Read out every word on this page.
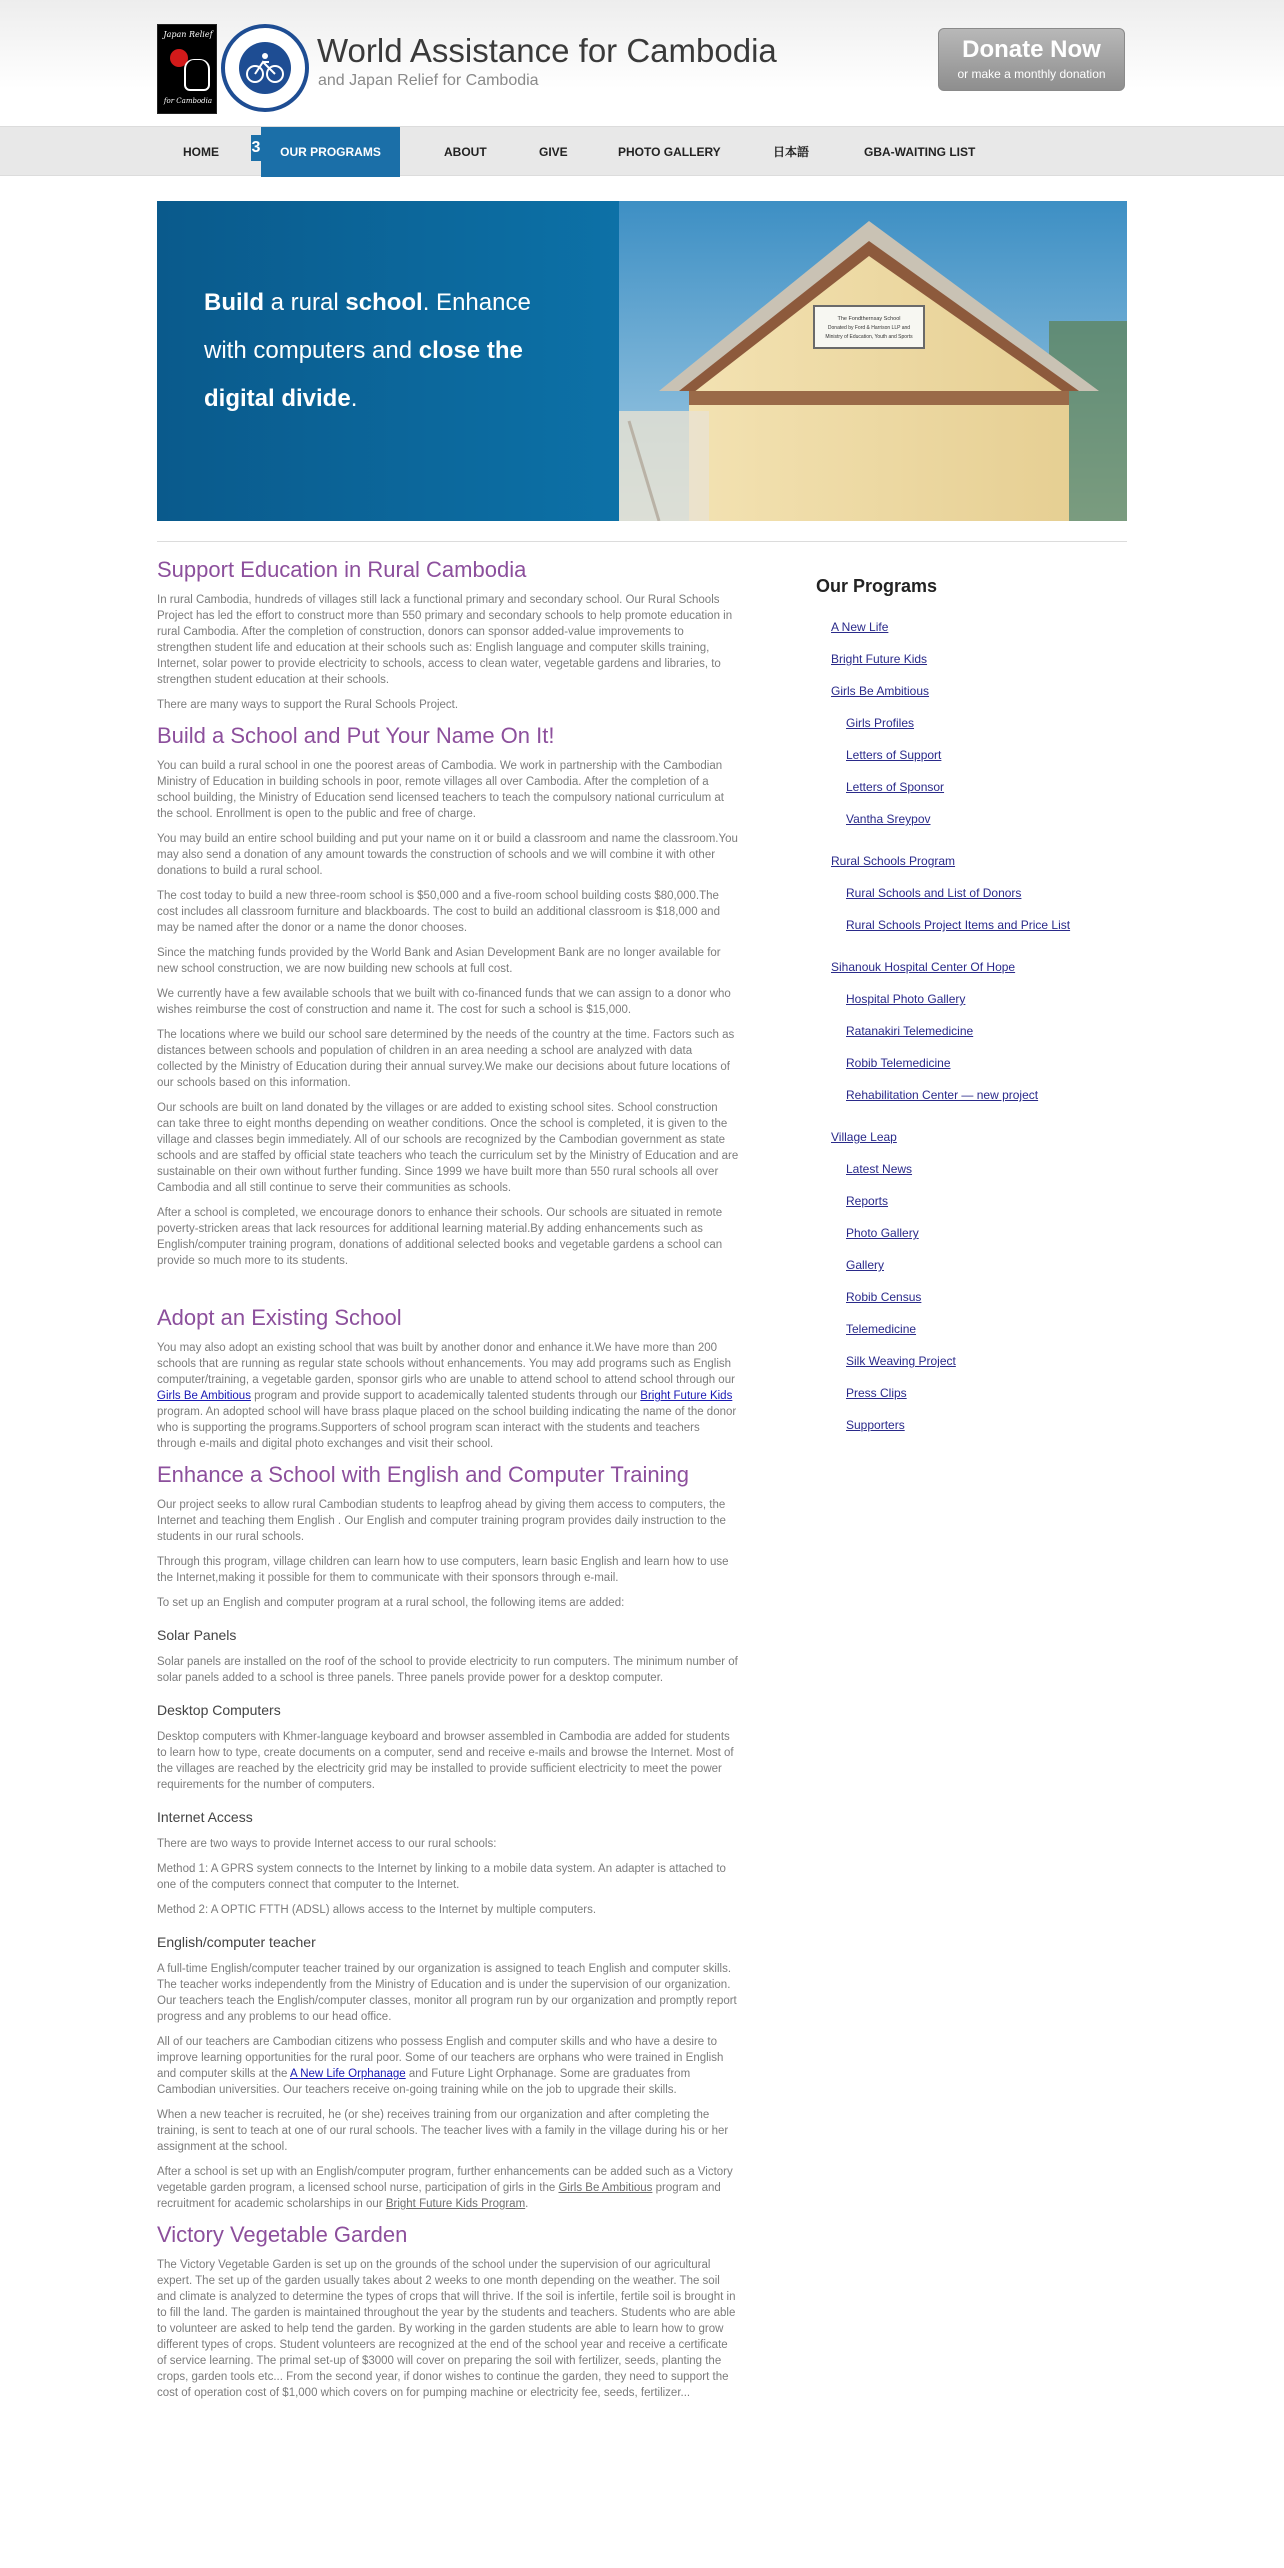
Japan Relief
for Cambodia
World Assistance for Cambodia
and Japan Relief for Cambodia
Donate Now
or make a monthly donation
HOME 3	OUR PROGRAMS	ABOUT	GIVE	PHOTO GALLERY	日本語	GBA-WAITING LIST
Build a rural school. Enhance
with computers and close the
digital divide.
The Fondthernsay School
Donated by Ford & Harrison LLP and
Ministry of Education, Youth and Sports
Support Education in Rural Cambodia

In rural Cambodia, hundreds of villages still lack a functional primary and secondary school. Our Rural Schools Project has led the effort to construct more than 550 primary and secondary schools to help promote education in rural Cambodia. After the completion of construction, donors can sponsor added-value improvements to strengthen student life and education at their schools such as: English language and computer skills training, Internet, solar power to provide electricity to schools, access to clean water, vegetable gardens and libraries, to strengthen student education at their schools.

There are many ways to support the Rural Schools Project.

Build a School and Put Your Name On It!

You can build a rural school in one the poorest areas of Cambodia. We work in partnership with the Cambodian Ministry of Education in building schools in poor, remote villages all over Cambodia. After the completion of a school building, the Ministry of Education send licensed teachers to teach the compulsory national curriculum at the school. Enrollment is open to the public and free of charge.

You may build an entire school building and put your name on it or build a classroom and name the classroom.You may also send a donation of any amount towards the construction of schools and we will combine it with other donations to build a rural school.

The cost today to build a new three-room school is $50,000 and a five-room school building costs $80,000.The cost includes all classroom furniture and blackboards. The cost to build an additional classroom is $18,000 and may be named after the donor or a name the donor chooses.

Since the matching funds provided by the World Bank and Asian Development Bank are no longer available for new school construction, we are now building new schools at full cost.

We currently have a few available schools that we built with co-financed funds that we can assign to a donor who wishes reimburse the cost of construction and name it. The cost for such a school is $15,000.

The locations where we build our school sare determined by the needs of the country at the time. Factors such as distances between schools and population of children in an area needing a school are analyzed with data collected by the Ministry of Education during their annual survey.We make our decisions about future locations of our schools based on this information.

Our schools are built on land donated by the villages or are added to existing school sites. School construction can take three to eight months depending on weather conditions. Once the school is completed, it is given to the village and classes begin immediately. All of our schools are recognized by the Cambodian government as state schools and are staffed by official state teachers who teach the curriculum set by the Ministry of Education and are sustainable on their own without further funding. Since 1999 we have built more than 550 rural schools all over Cambodia and all still continue to serve their communities as schools.

After a school is completed, we encourage donors to enhance their schools. Our schools are situated in remote poverty-stricken areas that lack resources for additional learning material.By adding enhancements such as English/computer training program, donations of additional selected books and vegetable gardens a school can provide so much more to its students.

Adopt an Existing School

You may also adopt an existing school that was built by another donor and enhance it.We have more than 200 schools that are running as regular state schools without enhancements. You may add programs such as English computer/training, a vegetable garden, sponsor girls who are unable to attend school to attend school through our Girls Be Ambitious program and provide support to academically talented students through our Bright Future Kids program. An adopted school will have brass plaque placed on the school building indicating the name of the donor who is supporting the programs.Supporters of school program scan interact with the students and teachers through e-mails and digital photo exchanges and visit their school.

Enhance a School with English and Computer Training

Our project seeks to allow rural Cambodian students to leapfrog ahead by giving them access to computers, the Internet and teaching them English . Our English and computer training program provides daily instruction to the students in our rural schools.

Through this program, village children can learn how to use computers, learn basic English and learn how to use the Internet,making it possible for them to communicate with their sponsors through e-mail.

To set up an English and computer program at a rural school, the following items are added:

Solar Panels

Solar panels are installed on the roof of the school to provide electricity to run computers. The minimum number of solar panels added to a school is three panels. Three panels provide power for a desktop computer.

Desktop Computers

Desktop computers with Khmer-language keyboard and browser assembled in Cambodia are added for students to learn how to type, create documents on a computer, send and receive e-mails and browse the Internet. Most of the villages are reached by the electricity grid may be installed to provide sufficient electricity to meet the power requirements for the number of computers.

Internet Access

There are two ways to provide Internet access to our rural schools:

Method 1: A GPRS system connects to the Internet by linking to a mobile data system. An adapter is attached to one of the computers connect that computer to the Internet.

Method 2: A OPTIC FTTH (ADSL) allows access to the Internet by multiple computers.

English/computer teacher

A full-time English/computer teacher trained by our organization is assigned to teach English and computer skills. The teacher works independently from the Ministry of Education and is under the supervision of our organization. Our teachers teach the English/computer classes, monitor all program run by our organization and promptly report progress and any problems to our head office.

All of our teachers are Cambodian citizens who possess English and computer skills and who have a desire to improve learning opportunities for the rural poor. Some of our teachers are orphans who were trained in English and computer skills at the A New Life Orphanage and Future Light Orphanage. Some are graduates from Cambodian universities. Our teachers receive on-going training while on the job to upgrade their skills.

When a new teacher is recruited, he (or she) receives training from our organization and after completing the training, is sent to teach at one of our rural schools. The teacher lives with a family in the village during his or her assignment at the school.

After a school is set up with an English/computer program, further enhancements can be added such as a Victory vegetable garden program, a licensed school nurse, participation of girls in the Girls Be Ambitious program and recruitment for academic scholarships in our Bright Future Kids Program.

Victory Vegetable Garden

The Victory Vegetable Garden is set up on the grounds of the school under the supervision of our agricultural expert. The set up of the garden usually takes about 2 weeks to one month depending on the weather. The soil and climate is analyzed to determine the types of crops that will thrive. If the soil is infertile, fertile soil is brought in to fill the land. The garden is maintained throughout the year by the students and teachers. Students who are able to volunteer are asked to help tend the garden. By working in the garden students are able to learn how to grow different types of crops. Student volunteers are recognized at the end of the school year and receive a certificate of service learning. The primal set-up of $3000 will cover on preparing the soil with fertilizer, seeds, planting the crops, garden tools etc... From the second year, if donor wishes to continue the garden, they need to support the cost of operation cost of $1,000 which covers on for pumping machine or electricity fee, seeds, fertilizer...

Our Programs
A New Life
Bright Future Kids
Girls Be Ambitious
Girls Profiles
Letters of Support
Letters of Sponsor
Vantha Sreypov
Rural Schools Program
Rural Schools and List of Donors
Rural Schools Project Items and Price List
Sihanouk Hospital Center Of Hope
Hospital Photo Gallery
Ratanakiri Telemedicine
Robib Telemedicine
Rehabilitation Center — new project
Village Leap
Latest News
Reports
Photo Gallery
Gallery
Robib Census
Telemedicine
Silk Weaving Project
Press Clips
Supporters
